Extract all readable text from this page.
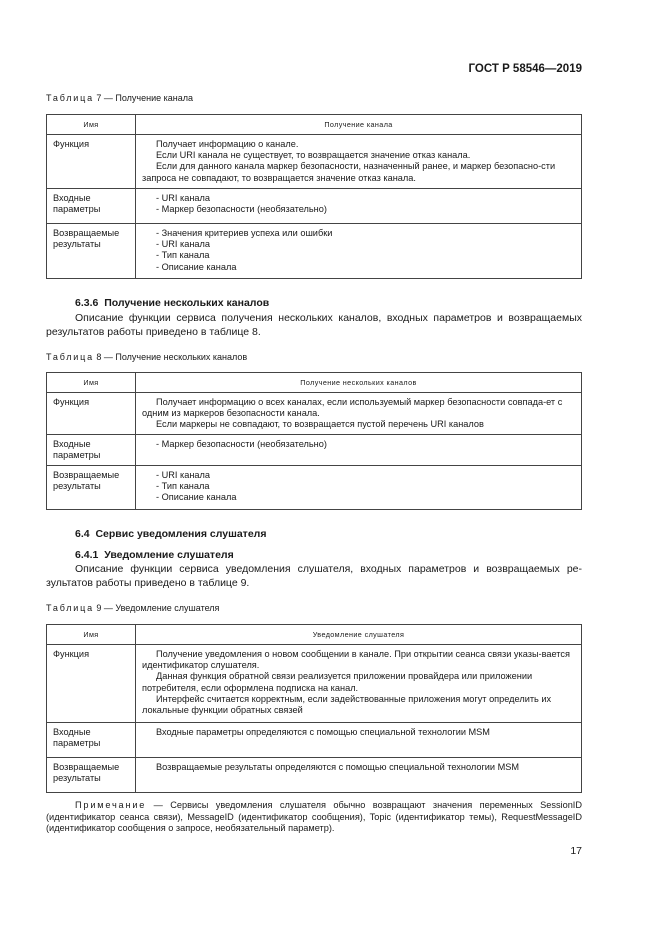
ГОСТ Р 58546—2019
Таблица 7 — Получение канала
Имя	Получение канала

Функция	Получает информацию о канале.

Если URI канала не существует, то возвращается значение отказ канала.

Если для данного канала маркер безопасности, назначенный ранее, и маркер безопасно-сти запроса не совпадают, то возвращается значение отказ канала.

Входные параметры	- URI канала

- Маркер безопасности (необязательно)

Возвращаемые результаты	- Значения критериев успеха или ошибки

- URI канала

- Тип канала

- Описание канала

6.3.6 Получение нескольких каналов

Описание функции сервиса получения нескольких каналов, входных параметров и возвращаемых результатов работы приведено в таблице 8.

Таблица 8 — Получение нескольких каналов
Имя	Получение нескольких каналов

Функция	Получает информацию о всех каналах, если используемый маркер безопасности совпада-ет с одним из маркеров безопасности канала.

Если маркеры не совпадают, то возвращается пустой перечень URI каналов

Входные параметры	- Маркер безопасности (необязательно)

Возвращаемые результаты	- URI канала

- Тип канала

- Описание канала

6.4 Сервис уведомления слушателя
6.4.1 Уведомление слушателя

Описание функции сервиса уведомления слушателя, входных параметров и возвращаемых ре-зультатов работы приведено в таблице 9.

Таблица 9 — Уведомление слушателя
Имя	Уведомление слушателя

Функция	Получение уведомления о новом сообщении в канале. При открытии сеанса связи указы-вается идентификатор слушателя.

Данная функция обратной связи реализуется приложении провайдера или приложении потребителя, если оформлена подписка на канал.

Интерфейс считается корректным, если задействованные приложения могут определить их локальные функции обратных связей

Входные параметры	Входные параметры определяются с помощью специальной технологии MSM

Возвращаемые результаты	Возвращаемые результаты определяются с помощью специальной технологии MSM

Примечание — Сервисы уведомления слушателя обычно возвращают значения переменных SessionID (идентификатор сеанса связи), MessageID (идентификатор сообщения), Topic (идентификатор темы), RequestMessageID (идентификатор сообщения о запросе, необязательный параметр).
17
